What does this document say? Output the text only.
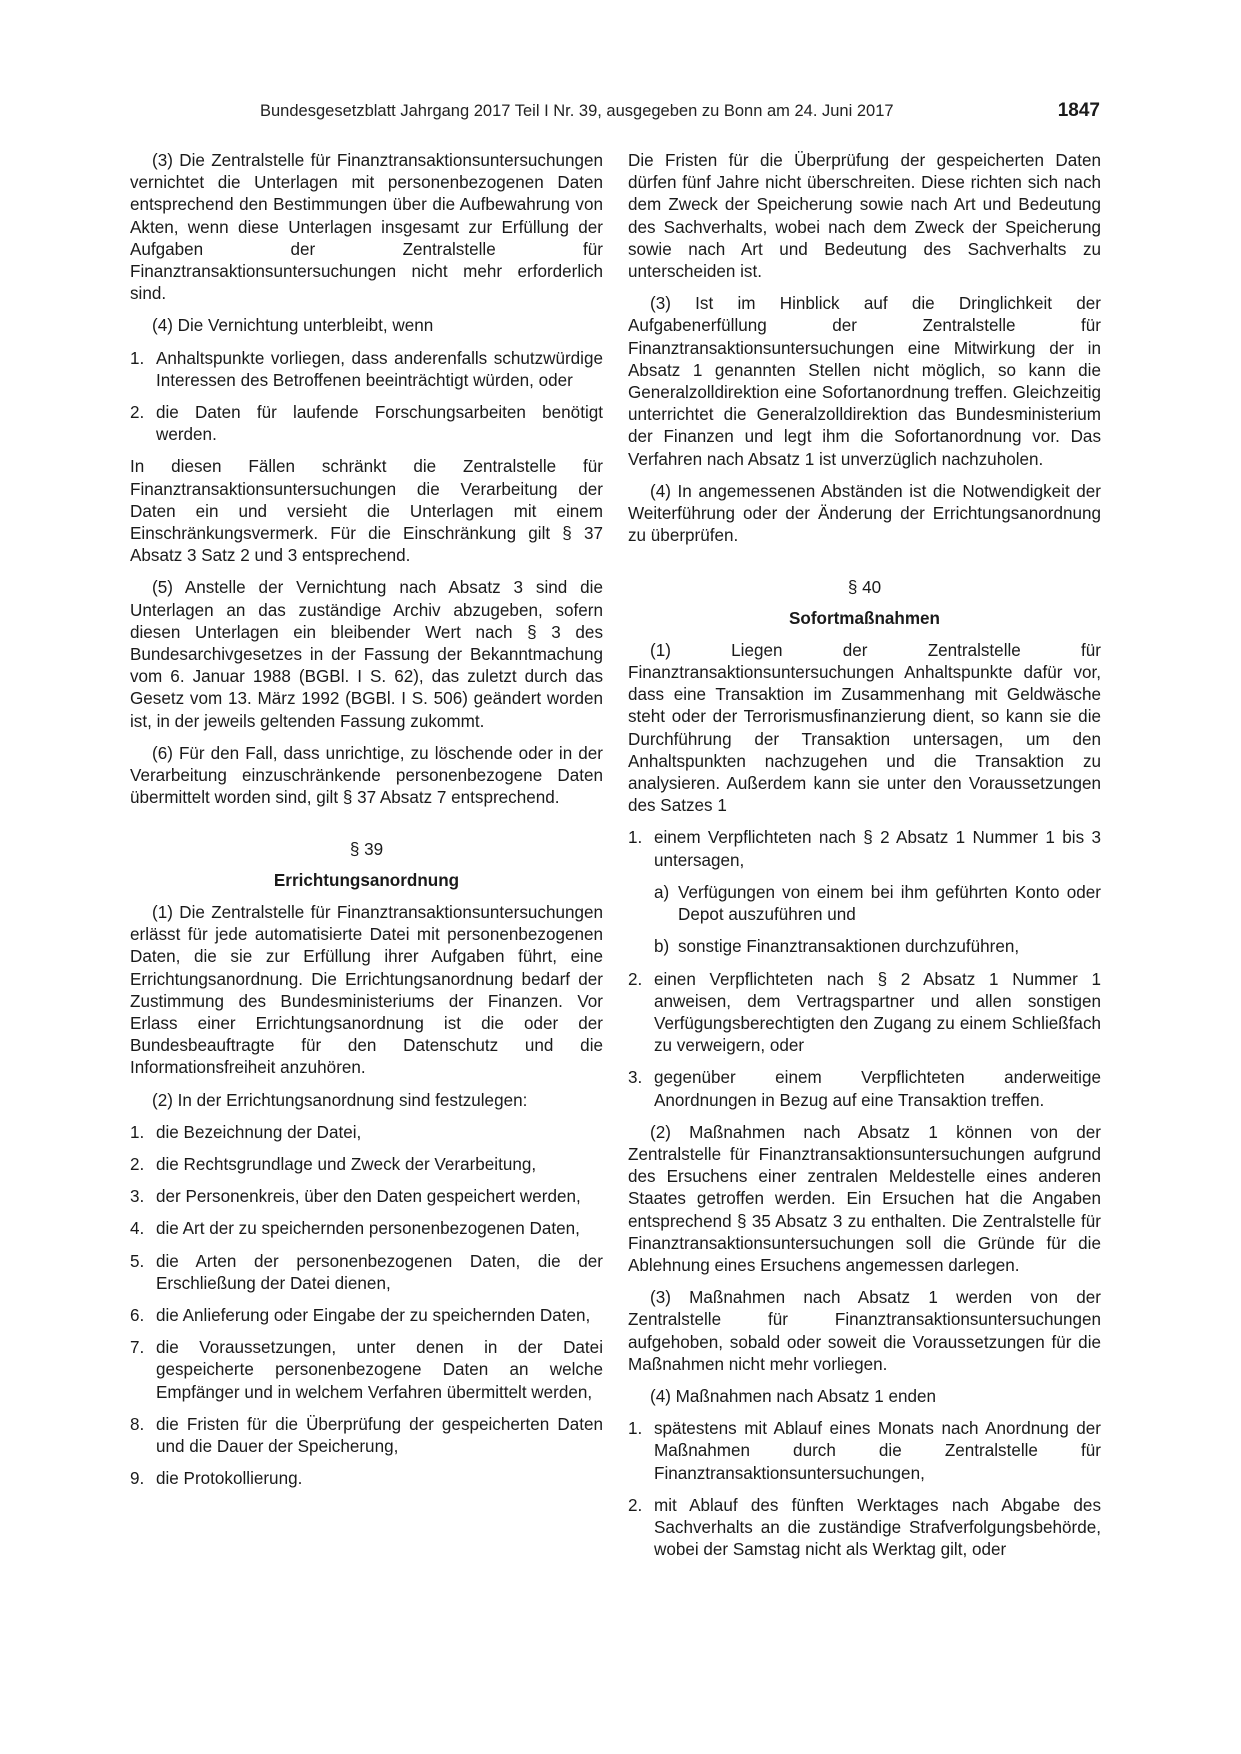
Bundesgesetzblatt Jahrgang 2017 Teil I Nr. 39, ausgegeben zu Bonn am 24. Juni 2017	1847

(3) Die Zentralstelle für Finanztransaktionsuntersuchungen vernichtet die Unterlagen mit personenbezogenen Daten entsprechend den Bestimmungen über die Aufbewahrung von Akten, wenn diese Unterlagen insgesamt zur Erfüllung der Aufgaben der Zentralstelle für Finanztransaktionsuntersuchungen nicht mehr erforderlich sind.

(4) Die Vernichtung unterbleibt, wenn

1. Anhaltspunkte vorliegen, dass anderenfalls schutzwürdige Interessen des Betroffenen beeinträchtigt würden, oder
2. die Daten für laufende Forschungsarbeiten benötigt werden.

In diesen Fällen schränkt die Zentralstelle für Finanztransaktionsuntersuchungen die Verarbeitung der Daten ein und versieht die Unterlagen mit einem Einschränkungsvermerk. Für die Einschränkung gilt § 37 Absatz 3 Satz 2 und 3 entsprechend.

(5) Anstelle der Vernichtung nach Absatz 3 sind die Unterlagen an das zuständige Archiv abzugeben, sofern diesen Unterlagen ein bleibender Wert nach § 3 des Bundesarchivgesetzes in der Fassung der Bekanntmachung vom 6. Januar 1988 (BGBl. I S. 62), das zuletzt durch das Gesetz vom 13. März 1992 (BGBl. I S. 506) geändert worden ist, in der jeweils geltenden Fassung zukommt.

(6) Für den Fall, dass unrichtige, zu löschende oder in der Verarbeitung einzuschränkende personenbezogene Daten übermittelt worden sind, gilt § 37 Absatz 7 entsprechend.

§ 39
Errichtungsanordnung

(1) Die Zentralstelle für Finanztransaktionsuntersuchungen erlässt für jede automatisierte Datei mit personenbezogenen Daten, die sie zur Erfüllung ihrer Aufgaben führt, eine Errichtungsanordnung. Die Errichtungsanordnung bedarf der Zustimmung des Bundesministeriums der Finanzen. Vor Erlass einer Errichtungsanordnung ist die oder der Bundesbeauftragte für den Datenschutz und die Informationsfreiheit anzuhören.

(2) In der Errichtungsanordnung sind festzulegen:

1. die Bezeichnung der Datei,
2. die Rechtsgrundlage und Zweck der Verarbeitung,
3. der Personenkreis, über den Daten gespeichert werden,
4. die Art der zu speichernden personenbezogenen Daten,
5. die Arten der personenbezogenen Daten, die der Erschließung der Datei dienen,
6. die Anlieferung oder Eingabe der zu speichernden Daten,
7. die Voraussetzungen, unter denen in der Datei gespeicherte personenbezogene Daten an welche Empfänger und in welchem Verfahren übermittelt werden,
8. die Fristen für die Überprüfung der gespeicherten Daten und die Dauer der Speicherung,
9. die Protokollierung.

Die Fristen für die Überprüfung der gespeicherten Daten dürfen fünf Jahre nicht überschreiten. Diese richten sich nach dem Zweck der Speicherung sowie nach Art und Bedeutung des Sachverhalts, wobei nach dem Zweck der Speicherung sowie nach Art und Bedeutung des Sachverhalts zu unterscheiden ist.

(3) Ist im Hinblick auf die Dringlichkeit der Aufgabenerfüllung der Zentralstelle für Finanztransaktionsuntersuchungen eine Mitwirkung der in Absatz 1 genannten Stellen nicht möglich, so kann die Generalzolldirektion eine Sofortanordnung treffen. Gleichzeitig unterrichtet die Generalzolldirektion das Bundesministerium der Finanzen und legt ihm die Sofortanordnung vor. Das Verfahren nach Absatz 1 ist unverzüglich nachzuholen.

(4) In angemessenen Abständen ist die Notwendigkeit der Weiterführung oder der Änderung der Errichtungsanordnung zu überprüfen.

§ 40
Sofortmaßnahmen

(1) Liegen der Zentralstelle für Finanztransaktionsuntersuchungen Anhaltspunkte dafür vor, dass eine Transaktion im Zusammenhang mit Geldwäsche steht oder der Terrorismusfinanzierung dient, so kann sie die Durchführung der Transaktion untersagen, um den Anhaltspunkten nachzugehen und die Transaktion zu analysieren. Außerdem kann sie unter den Voraussetzungen des Satzes 1

1. einem Verpflichteten nach § 2 Absatz 1 Nummer 1 bis 3 untersagen,
a) Verfügungen von einem bei ihm geführten Konto oder Depot auszuführen und
b) sonstige Finanztransaktionen durchzuführen,
2. einen Verpflichteten nach § 2 Absatz 1 Nummer 1 anweisen, dem Vertragspartner und allen sonstigen Verfügungsberechtigten den Zugang zu einem Schließfach zu verweigern, oder
3. gegenüber einem Verpflichteten anderweitige Anordnungen in Bezug auf eine Transaktion treffen.

(2) Maßnahmen nach Absatz 1 können von der Zentralstelle für Finanztransaktionsuntersuchungen aufgrund des Ersuchens einer zentralen Meldestelle eines anderen Staates getroffen werden. Ein Ersuchen hat die Angaben entsprechend § 35 Absatz 3 zu enthalten. Die Zentralstelle für Finanztransaktionsuntersuchungen soll die Gründe für die Ablehnung eines Ersuchens angemessen darlegen.

(3) Maßnahmen nach Absatz 1 werden von der Zentralstelle für Finanztransaktionsuntersuchungen aufgehoben, sobald oder soweit die Voraussetzungen für die Maßnahmen nicht mehr vorliegen.

(4) Maßnahmen nach Absatz 1 enden

1. spätestens mit Ablauf eines Monats nach Anordnung der Maßnahmen durch die Zentralstelle für Finanztransaktionsuntersuchungen,
2. mit Ablauf des fünften Werktages nach Abgabe des Sachverhalts an die zuständige Strafverfolgungsbehörde, wobei der Samstag nicht als Werktag gilt, oder
